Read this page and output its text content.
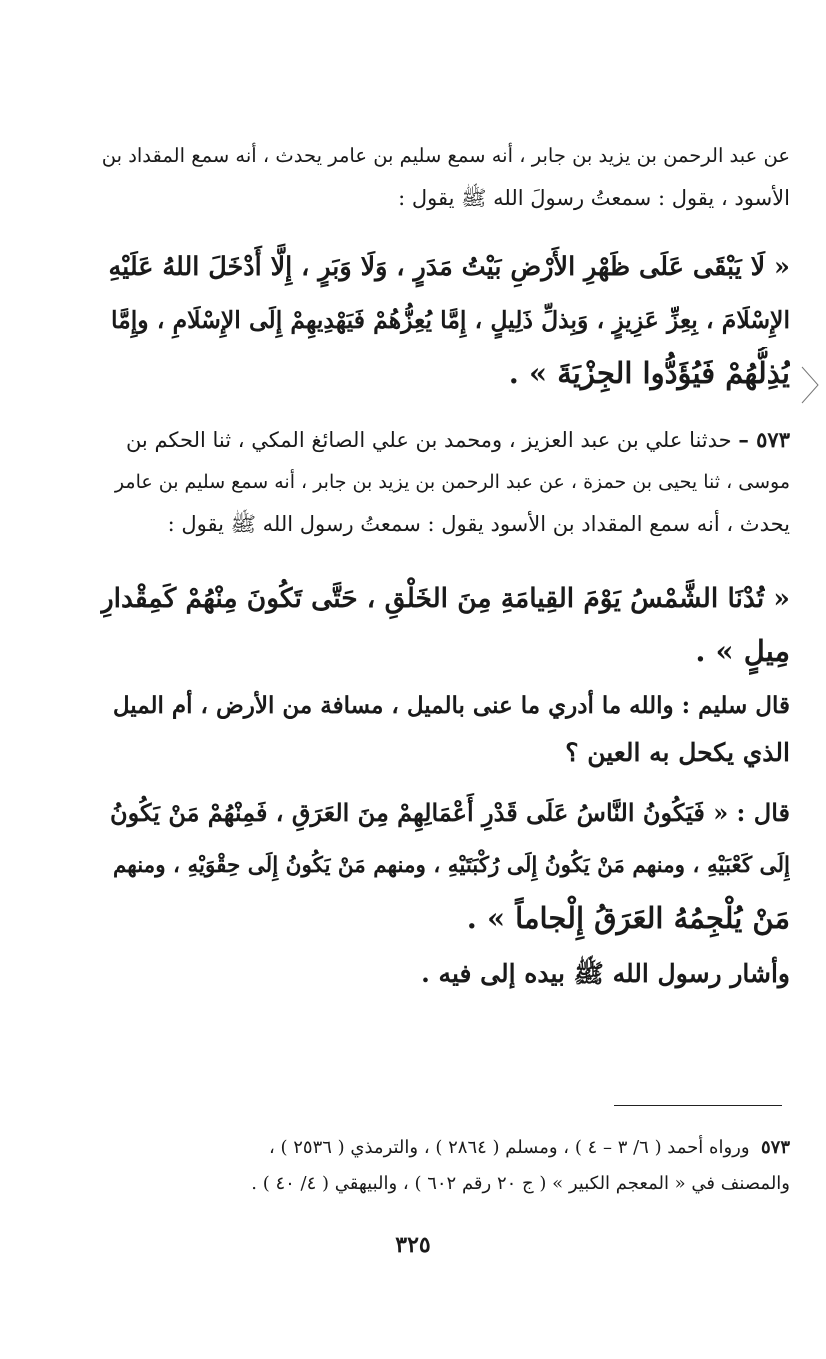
عن عبد الرحمن بن يزيد بن جابر ، أنه سمع سليم بن عامر يحدث ، أنه سمع المقداد بن
الأسود ، يقول : سمعتُ رسولَ الله ﷺ يقول :
« لَا يَبْقَى عَلَى ظَهْرِ الأَرْضِ بَيْتُ مَدَرٍ ، وَلَا وَبَرٍ ، إِلَّا أَدْخَلَ اللهُ عَلَيْهِ
الإِسْلَامَ ، بِعِزِّ عَزِيزٍ ، وَبِذلِّ ذَلِيلٍ ، إِمَّا يُعِزُّهُمْ فَيَهْدِيهِمْ إِلَى الإِسْلَامِ ، وإِمَّا
يُذِلُّهُمْ فَيُؤَدُّوا الجِزْيَةَ » .
٥٧٣ – حدثنا علي بن عبد العزيز ، ومحمد بن علي الصائغ المكي ، ثنا الحكم بن
موسى ، ثنا يحيى بن حمزة ، عن عبد الرحمن بن يزيد بن جابر ، أنه سمع سليم بن عامر
يحدث ، أنه سمع المقداد بن الأسود يقول : سمعتُ رسول الله ﷺ يقول :
« تُدْنَا الشَّمْسُ يَوْمَ القِيامَةِ مِنَ الخَلْقِ ، حَتَّى تَكُونَ مِنْهُمْ كَمِقْدارِ
مِيلٍ » .
قال سليم : والله ما أدري ما عنى بالميل ، مسافة من الأرض ، أم الميل
الذي يكحل به العين ؟
قال : « فَيَكُونُ النَّاسُ عَلَى قَدْرِ أَعْمَالِهِمْ مِنَ العَرَقِ ، فَمِنْهُمْ مَنْ يَكُونُ
إِلَى كَعْبَيْهِ ، ومنهم مَنْ يَكُونُ إِلَى رُكْبَتَيْهِ ، ومنهم مَنْ يَكُونُ إِلَى حِقْوَيْهِ ، ومنهم
مَنْ يُلْجِمُهُ العَرَقُ إِلْجاماً » .
وأشار رسول الله ﷺ بيده إلى فيه .
٥٧٣  ورواه أحمد ( ٦/ ٣ – ٤ ) ، ومسلم ( ٢٨٦٤ ) ، والترمذي ( ٢٥٣٦ ) ،
والمصنف في « المعجم الكبير » ( ج ٢٠ رقم ٦٠٢ ) ، والبيهقي ( ٤/ ٤٠ ) .
٣٢٥
